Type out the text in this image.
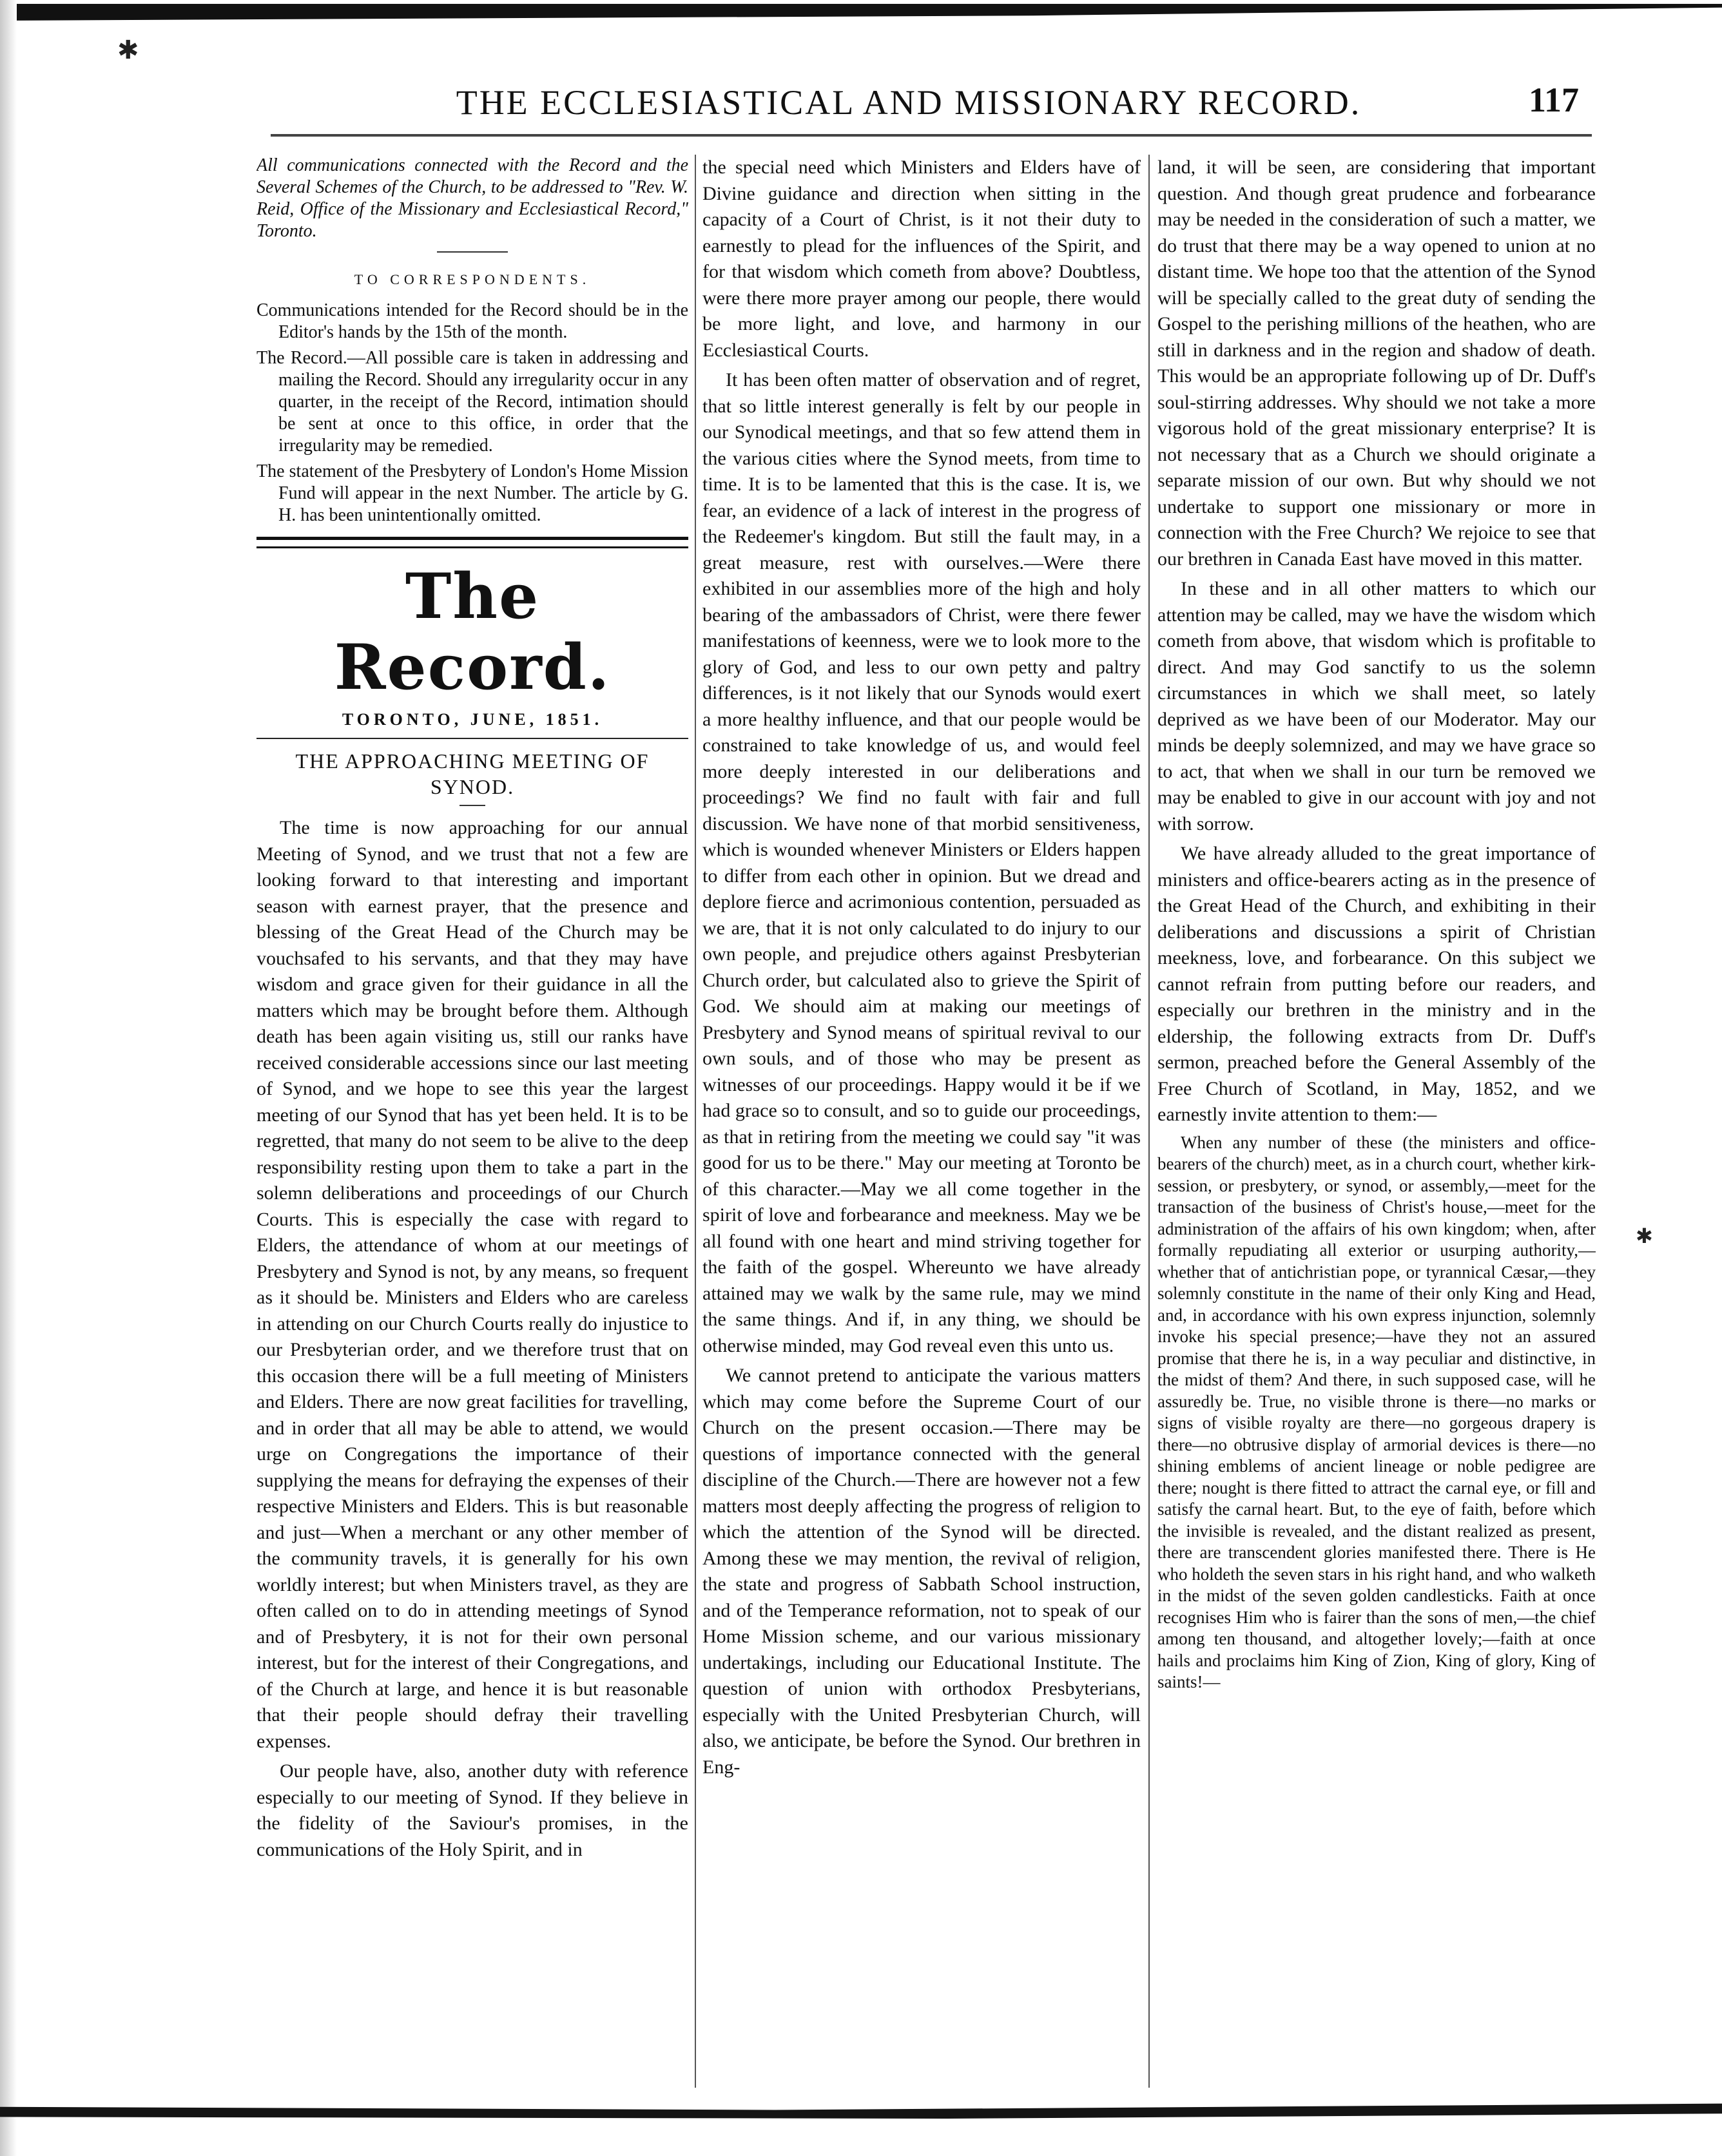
✱
✱
THE ECCLESIASTICAL AND MISSIONARY RECORD.	117

All communications connected with the Record and the Several Schemes of the Church, to be addressed to "Rev. W. Reid, Office of the Missionary and Ecclesiastical Record," Toronto.

TO CORRESPONDENTS.

Communications intended for the Record should be in the Editor's hands by the 15th of the month.

The Record.—All possible care is taken in addressing and mailing the Record. Should any irregularity occur in any quarter, in the receipt of the Record, intimation should be sent at once to this office, in order that the irregularity may be remedied.

The statement of the Presbytery of London's Home Mission Fund will appear in the next Number. The article by G. H. has been unintentionally omitted.

The Record.
TORONTO, JUNE, 1851.
THE APPROACHING MEETING OF SYNOD.

The time is now approaching for our annual Meeting of Synod, and we trust that not a few are looking forward to that interesting and important season with earnest prayer, that the presence and blessing of the Great Head of the Church may be vouchsafed to his servants, and that they may have wisdom and grace given for their guidance in all the matters which may be brought before them. Although death has been again visiting us, still our ranks have received considerable accessions since our last meeting of Synod, and we hope to see this year the largest meeting of our Synod that has yet been held. It is to be regretted, that many do not seem to be alive to the deep responsibility resting upon them to take a part in the solemn deliberations and proceedings of our Church Courts. This is especially the case with regard to Elders, the attendance of whom at our meetings of Presbytery and Synod is not, by any means, so frequent as it should be. Ministers and Elders who are careless in attending on our Church Courts really do injustice to our Presbyterian order, and we therefore trust that on this occasion there will be a full meeting of Ministers and Elders. There are now great facilities for travelling, and in order that all may be able to attend, we would urge on Congregations the importance of their supplying the means for defraying the expenses of their respective Ministers and Elders. This is but reasonable and just—When a merchant or any other member of the community travels, it is generally for his own worldly interest; but when Ministers travel, as they are often called on to do in attending meetings of Synod and of Presbytery, it is not for their own personal interest, but for the interest of their Congregations, and of the Church at large, and hence it is but reasonable that their people should defray their travelling expenses.

Our people have, also, another duty with reference especially to our meeting of Synod. If they believe in the fidelity of the Saviour's promises, in the communications of the Holy Spirit, and in

the special need which Ministers and Elders have of Divine guidance and direction when sitting in the capacity of a Court of Christ, is it not their duty to earnestly to plead for the influences of the Spirit, and for that wisdom which cometh from above? Doubtless, were there more prayer among our people, there would be more light, and love, and harmony in our Ecclesiastical Courts.

It has been often matter of observation and of regret, that so little interest generally is felt by our people in our Synodical meetings, and that so few attend them in the various cities where the Synod meets, from time to time. It is to be lamented that this is the case. It is, we fear, an evidence of a lack of interest in the progress of the Redeemer's kingdom. But still the fault may, in a great measure, rest with ourselves.—Were there exhibited in our assemblies more of the high and holy bearing of the ambassadors of Christ, were there fewer manifestations of keenness, were we to look more to the glory of God, and less to our own petty and paltry differences, is it not likely that our Synods would exert a more healthy influence, and that our people would be constrained to take knowledge of us, and would feel more deeply interested in our deliberations and proceedings? We find no fault with fair and full discussion. We have none of that morbid sensitiveness, which is wounded whenever Ministers or Elders happen to differ from each other in opinion. But we dread and deplore fierce and acrimonious contention, persuaded as we are, that it is not only calculated to do injury to our own people, and prejudice others against Presbyterian Church order, but calculated also to grieve the Spirit of God. We should aim at making our meetings of Presbytery and Synod means of spiritual revival to our own souls, and of those who may be present as witnesses of our proceedings. Happy would it be if we had grace so to consult, and so to guide our proceedings, as that in retiring from the meeting we could say "it was good for us to be there." May our meeting at Toronto be of this character.—May we all come together in the spirit of love and forbearance and meekness. May we be all found with one heart and mind striving together for the faith of the gospel. Whereunto we have already attained may we walk by the same rule, may we mind the same things. And if, in any thing, we should be otherwise minded, may God reveal even this unto us.

We cannot pretend to anticipate the various matters which may come before the Supreme Court of our Church on the present occasion.—There may be questions of importance connected with the general discipline of the Church.—There are however not a few matters most deeply affecting the progress of religion to which the attention of the Synod will be directed. Among these we may mention, the revival of religion, the state and progress of Sabbath School instruction, and of the Temperance reformation, not to speak of our Home Mission scheme, and our various missionary undertakings, including our Educational Institute. The question of union with orthodox Presbyterians, especially with the United Presbyterian Church, will also, we anticipate, be before the Synod. Our brethren in Eng-

land, it will be seen, are considering that important question. And though great prudence and forbearance may be needed in the consideration of such a matter, we do trust that there may be a way opened to union at no distant time. We hope too that the attention of the Synod will be specially called to the great duty of sending the Gospel to the perishing millions of the heathen, who are still in darkness and in the region and shadow of death. This would be an appropriate following up of Dr. Duff's soul-stirring addresses. Why should we not take a more vigorous hold of the great missionary enterprise? It is not necessary that as a Church we should originate a separate mission of our own. But why should we not undertake to support one missionary or more in connection with the Free Church? We rejoice to see that our brethren in Canada East have moved in this matter.

In these and in all other matters to which our attention may be called, may we have the wisdom which cometh from above, that wisdom which is profitable to direct. And may God sanctify to us the solemn circumstances in which we shall meet, so lately deprived as we have been of our Moderator. May our minds be deeply solemnized, and may we have grace so to act, that when we shall in our turn be removed we may be enabled to give in our account with joy and not with sorrow.

We have already alluded to the great importance of ministers and office-bearers acting as in the presence of the Great Head of the Church, and exhibiting in their deliberations and discussions a spirit of Christian meekness, love, and forbearance. On this subject we cannot refrain from putting before our readers, and especially our brethren in the ministry and in the eldership, the following extracts from Dr. Duff's sermon, preached before the General Assembly of the Free Church of Scotland, in May, 1852, and we earnestly invite attention to them:—

When any number of these (the ministers and office-bearers of the church) meet, as in a church court, whether kirk-session, or presbytery, or synod, or assembly,—meet for the transaction of the business of Christ's house,—meet for the administration of the affairs of his own kingdom; when, after formally repudiating all exterior or usurping authority,—whether that of antichristian pope, or tyrannical Cæsar,—they solemnly constitute in the name of their only King and Head, and, in accordance with his own express injunction, solemnly invoke his special presence;—have they not an assured promise that there he is, in a way peculiar and distinctive, in the midst of them? And there, in such supposed case, will he assuredly be. True, no visible throne is there—no marks or signs of visible royalty are there—no gorgeous drapery is there—no obtrusive display of armorial devices is there—no shining emblems of ancient lineage or noble pedigree are there; nought is there fitted to attract the carnal eye, or fill and satisfy the carnal heart. But, to the eye of faith, before which the invisible is revealed, and the distant realized as present, there are transcendent glories manifested there. There is He who holdeth the seven stars in his right hand, and who walketh in the midst of the seven golden candlesticks. Faith at once recognises Him who is fairer than the sons of men,—the chief among ten thousand, and altogether lovely;—faith at once hails and proclaims him King of Zion, King of glory, King of saints!—
